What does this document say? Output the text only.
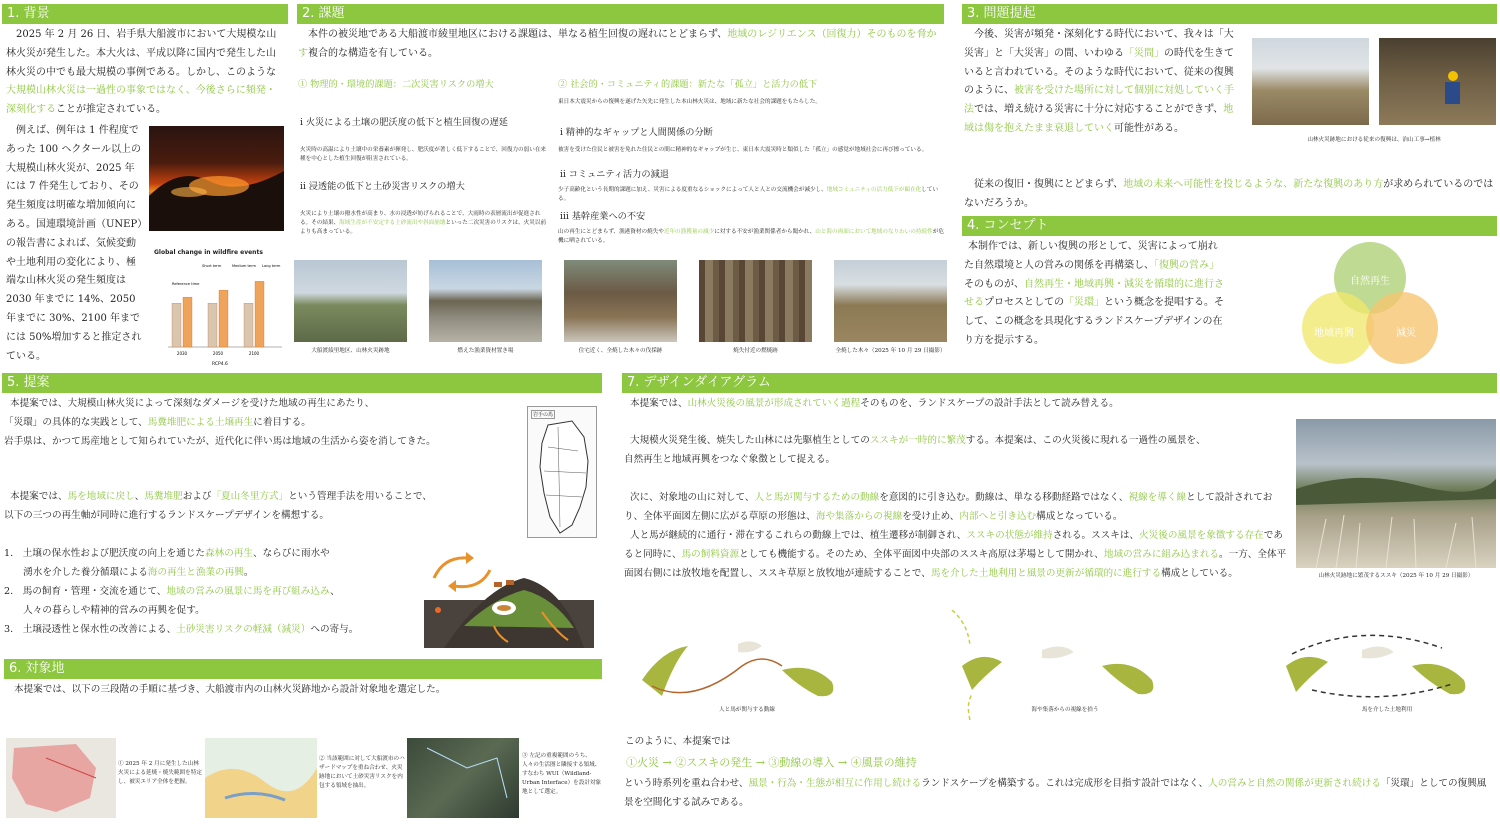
1. 背景
2025 年 2 月 26 日、岩手県大船渡市において大規模な山林火災が発生した。本大火は、平成以降に国内で発生した山林火災の中でも最大規模の事例である。しかし、このような大規模山林火災は一過性の事象ではなく、今後さらに頻発・深刻化することが推定されている。
例えば、例年は 1 件程度であった 100 ヘクタール以上の大規模山林火災が、2025 年には 7 件発生しており、その発生頻度は明確な増加傾向にある。国連環境計画（UNEP）の報告書によれば、気候変動や土地利用の変化により、極端な山林火災の発生頻度は 2030 年までに 14%、2050 年までに 30%、2100 年までには 50%増加すると推定されている。
Global change in wildfire events
2030	2050	2100
Reference time
Short term	Medium term Long term
RCP4.6
2. 課題
本件の被災地である大船渡市綾里地区における課題は、単なる植生回復の遅れにとどまらず、地域のレジリエンス（回復力）そのものを脅かす複合的な構造を有している。
① 物理的・環境的課題：二次災害リスクの増大
ⅰ 火災による土壌の肥沃度の低下と植生回復の遅延
火災時の高温により土壌中の栄養素が揮発し、肥沃度が著しく低下することで、回復力の弱い在来種を中心とした植生回復が阻害されている。
ⅱ 浸透能の低下と土砂災害リスクの増大
火災により土壌の撥水性が高まり、水の浸透が妨げられることで、大雨時の表層流出が促進される。その結果、海域生産が不安定する土砂流出や斜面崩壊といった二次災害のリスクは、火災以前よりも高まっている。
② 社会的・コミュニティ的課題：新たな「孤立」と活力の低下
東日本大震災からの復興を遂げた矢先に発生した本山林火災は、地域に新たな社会的課題をもたらした。
ⅰ 精神的なギャップと人間関係の分断
被害を受けた住民と被害を免れた住民との間に精神的なギャップが生じ、東日本大震災時と類似した「孤立」の感覚が地域社会に再び擦っている。
ⅱ コミュニティ活力の減退
少子高齢化という長期的課題に加え、災害による度重なるショックによって人と人との交流機会が減少し、地域コミュニティの活力低下が顕在化している。
ⅲ 基幹産業への不安
山の再生にとどまらず、漁港資材の焼失や近年の漁獲量の減少に対する不安が漁業関係者から聞かれ、山と海の両面において地域のなりわいの持続性が危機に晒されている。
大船渡綾里地区、山林火災跡地	燃えた漁業資材置き場	住宅近く、全焼した木々の伐採跡	焼失付近の燃焼跡	全焼した木々（2025 年 10 月 29 日撮影）
3. 問題提起
今後、災害が頻発・深刻化する時代において、我々は「大災害」と「大災害」の間、いわゆる「災間」の時代を生きていると言われている。そのような時代において、従来の復興のように、被害を受けた場所に対して個別に対処していく手法では、増え続ける災害に十分に対応することができず、地域は傷を抱えたまま衰退していく可能性がある。
山林火災跡地における従来の復興は、治山工事→植林
従来の復旧・復興にとどまらず、地域の未来へ可能性を投じるような、新たな復興のあり方が求められているのではないだろうか。
4. コンセプト
本制作では、新しい復興の形として、災害によって崩れた自然環境と人の営みの関係を再構築し、「復興の営み」そのものが、自然再生・地域再興・減災を循環的に進行させるプロセスとしての「災環」という概念を提唱する。そして、この概念を具現化するランドスケープデザインの在り方を提示する。
自然再生
地域再興	減災
5. 提案
本提案では、大規模山林火災によって深刻なダメージを受けた地域の再生にあたり、
「災環」の具体的な実践として、馬糞堆肥による土壌再生に着目する。
岩手県は、かつて馬産地として知られていたが、近代化に伴い馬は地域の生活から姿を消してきた。
本提案では、馬を地域に戻し、馬糞堆肥および「夏山冬里方式」という管理手法を用いることで、
以下の三つの再生軸が同時に進行するランドスケープデザインを構想する。
1.　土壌の保水性および肥沃度の向上を通じた森林の再生、ならびに雨水や
　　湧水を介した養分循環による海の再生と漁業の再興。
2.　馬の飼育・管理・交流を通じて、地域の営みの風景に馬を再び組み込み、
　　人々の暮らしや精神的営みの再興を促す。
3.　土壌浸透性と保水性の改善による、土砂災害リスクの軽減（減災）への寄与。
岩手の馬
6. 対象地
本提案では、以下の三段階の手順に基づき、大船渡市内の山林火災跡地から設計対象地を選定した。
① 2025 年 2 月に発生した山林火災による延焼・焼失範囲を特定し、被災エリア全体を把握。
② 当該範囲に対して大船渡市のハザードマップを重ね合わせ、火災跡地において土砂災害リスクを内包する領域を抽出。
③ 左記の重複範囲のうち、人々の生活圏と隣接する領域、すなわち WUI（Wildland-Urban Interface）を設計対象地として選定。
7. デザインダイアグラム
本提案では、山林火災後の風景が形成されていく過程そのものを、ランドスケープの設計手法として読み替える。
大規模火災発生後、焼失した山林には先駆植生としてのススキが一時的に繁茂する。本提案は、この火災後に現れる一過性の風景を、
自然再生と地域再興をつなぐ象徴として捉える。
次に、対象地の山に対して、人と馬が関与するための動線を意図的に引き込む。動線は、単なる移動経路ではなく、視線を導く線として設計されており、全体平面図左側に広がる草原の形態は、海や集落からの視線を受け止め、内部へと引き込む構成となっている。
人と馬が継続的に通行・滞在するこれらの動線上では、植生遷移が制御され、ススキの状態が維持される。ススキは、火災後の風景を象徴する存在であると同時に、馬の飼料資源としても機能する。そのため、全体平面図中央部のススキ高原は茅場として開かれ、地域の営みに組み込まれる。一方、全体平面図右側には放牧地を配置し、ススキ草原と放牧地が連続することで、馬を介した土地利用と風景の更新が循環的に進行する構成としている。	山林火災跡地に繁茂するススキ（2025 年 10 月 29 日撮影）
人と馬が関与する動線	海や集落からの視線を拾う	馬を介した土地利用
このように、本提案では
①火災 → ②ススキの発生 → ③動線の導入 → ④風景の維持
という時系列を重ね合わせ、風景・行為・生態が相互に作用し続けるランドスケープを構築する。これは完成形を目指す設計ではなく、人の営みと自然の関係が更新され続ける「災環」としての復興風景を空間化する試みである。
